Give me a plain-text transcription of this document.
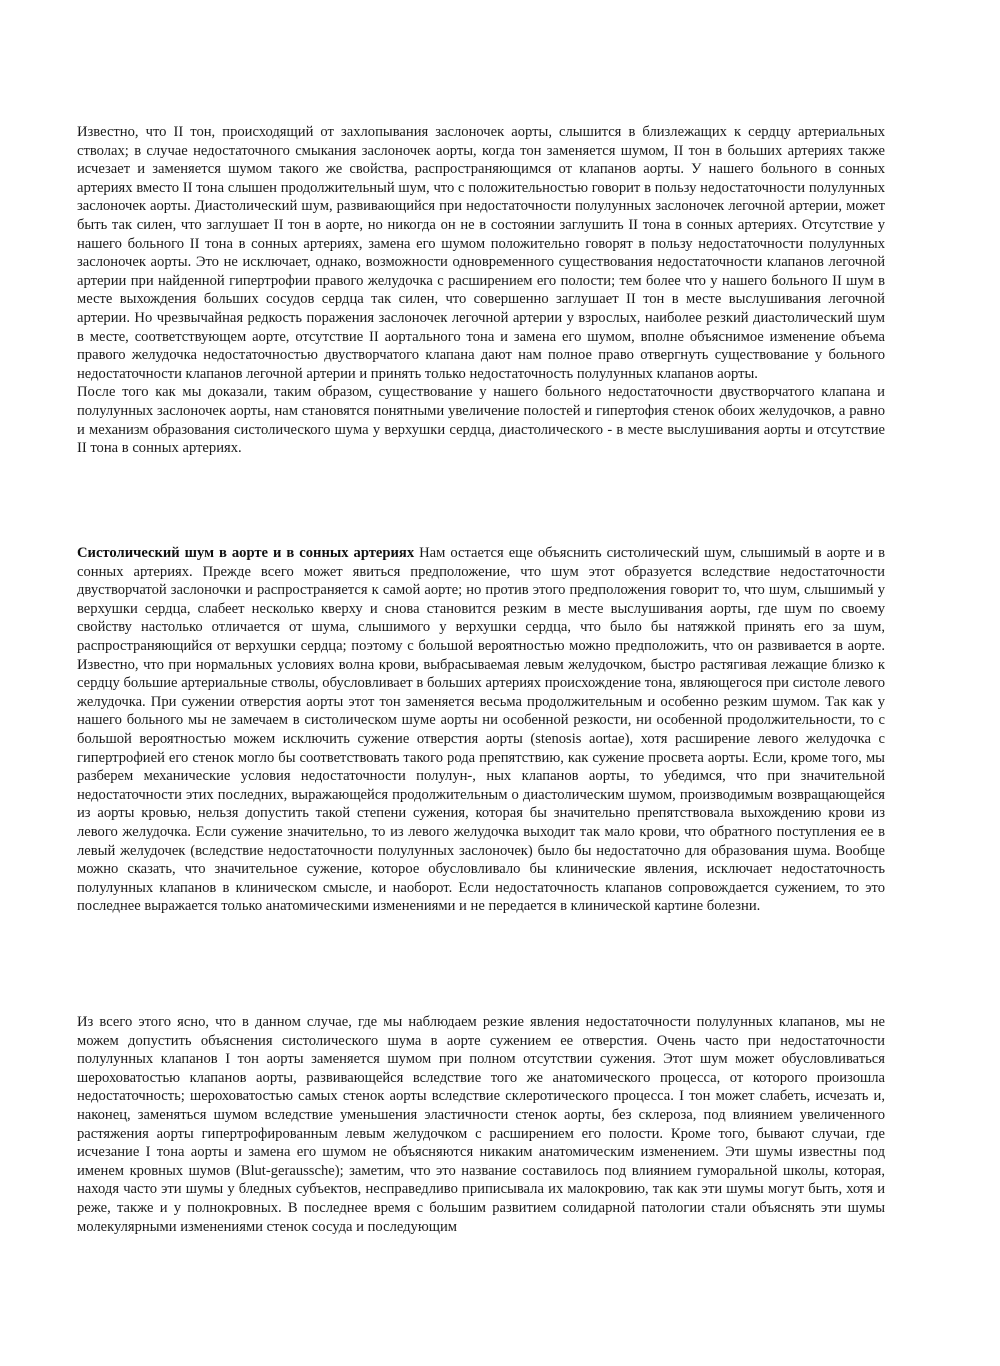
Известно, что II тон, происходящий от захлопывания заслоночек аорты, слышится в близлежащих к сердцу артериальных стволах; в случае недостаточного смыкания заслоночек аорты, когда тон заменяется шумом, II тон в больших артериях также исчезает и заменяется шумом такого же свойства, распространяющимся от клапанов аорты. У нашего больного в сонных артериях вместо II тона слышен продолжительный шум, что с положительностью говорит в пользу недостаточности полулунных заслоночек аорты. Диастолический шум, развивающийся при недостаточности полулунных заслоночек легочной артерии, может быть так силен, что заглушает II тон в аорте, но никогда он не в состоянии заглушить II тона в сонных артериях. Отсутствие у нашего больного II тона в сонных артериях, замена его шумом положительно говорят в пользу недостаточности полулунных заслоночек аорты. Это не исключает, однако, возможности одновременного существования недостаточности клапанов легочной артерии при найденной гипертрофии правого желудочка с расширением его полости; тем более что у нашего больного II шум в месте выхождения больших сосудов сердца так силен, что совершенно заглушает II тон в месте выслушивания легочной артерии. Но чрезвычайная редкость поражения заслоночек легочной артерии у взрослых, наиболее резкий диастолический шум в месте, соответствующем аорте, отсутствие II аортального тона и замена его шумом, вполне объяснимое изменение объема правого желудочка недостаточностью двустворчатого клапана дают нам полное право отвергнуть существование у больного недостаточности клапанов легочной артерии и принять только недостаточность полулунных клапанов аорты.

После того как мы доказали, таким образом, существование у нашего больного недостаточности двустворчатого клапана и полулунных заслоночек аорты, нам становятся понятными увеличение полостей и гипертофия стенок обоих желудочков, а равно и механизм образования систолического шума у верхушки сердца, диастолического - в месте выслушивания аорты и отсутствие II тона в сонных артериях.

Систолический шум в аорте и в сонных артериях Нам остается еще объяснить систолический шум, слышимый в аорте и в сонных артериях. Прежде всего может явиться предположение, что шум этот образуется вследствие недостаточности двустворчатой заслоночки и распространяется к самой аорте; но против этого предположения говорит то, что шум, слышимый у верхушки сердца, слабеет несколько кверху и снова становится резким в месте выслушивания аорты, где шум по своему свойству настолько отличается от шума, слышимого у верхушки сердца, что было бы натяжкой принять его за шум, распространяющийся от верхушки сердца; поэтому с большой вероятностью можно предположить, что он развивается в аорте. Известно, что при нормальных условиях волна крови, выбрасываемая левым желудочком, быстро растягивая лежащие близко к сердцу большие артериальные стволы, обусловливает в больших артериях происхождение тона, являющегося при систоле левого желудочка. При сужении отверстия аорты этот тон заменяется весьма продолжительным и особенно резким шумом. Так как у нашего больного мы не замечаем в систолическом шуме аорты ни особенной резкости, ни особенной продолжительности, то с большой вероятностью можем исключить сужение отверстия аорты (stenosis aortae), хотя расширение левого желудочка с гипертрофией его стенок могло бы соответствовать такого рода препятствию, как сужение просвета аорты. Если, кроме того, мы разберем механические условия недостаточности полулун-, ных клапанов аорты, то убедимся, что при значительной недостаточности этих последних, выражающейся продолжительным о диастолическим шумом, производимым возвращающейся из аорты кровью, нельзя допустить такой степени сужения, которая бы значительно препятствовала выхождению крови из левого желудочка. Если сужение значительно, то из левого желудочка выходит так мало крови, что обратного поступления ее в левый желудочек (вследствие недостаточности полулунных заслоночек) было бы недостаточно для образования шума. Вообще можно сказать, что значительное сужение, которое обусловливало бы клинические явления, исключает недостаточность полулунных клапанов в клиническом смысле, и наоборот. Если недостаточность клапанов сопровождается сужением, то это последнее выражается только анатомическими изменениями и не передается в клинической картине болезни.

Из всего этого ясно, что в данном случае, где мы наблюдаем резкие явления недостаточности полулунных клапанов, мы не можем допустить объяснения систолического шума в аорте сужением ее отверстия. Очень часто при недостаточности полулунных клапанов I тон аорты заменяется шумом при полном отсутствии сужения. Этот шум может обусловливаться шероховатостью клапанов аорты, развивающейся вследствие того же анатомического процесса, от которого произошла недостаточность; шероховатостью самых стенок аорты вследствие склеротического процесса. I тон может слабеть, исчезать и, наконец, заменяться шумом вследствие уменьшения эластичности стенок аорты, без склероза, под влиянием увеличенного растяжения аорты гипертрофированным левым желудочком с расширением его полости. Кроме того, бывают случаи, где исчезание I тона аорты и замена его шумом не объясняются никаким анатомическим изменением. Эти шумы известны под именем кровных шумов (Blut-geraussche); заметим, что это название составилось под влиянием гуморальной школы, которая, находя часто эти шумы у бледных субъектов, несправедливо приписывала их малокровию, так как эти шумы могут быть, хотя и реже, также и у полнокровных. В последнее время с большим развитием солидарной патологии стали объяснять эти шумы молекулярными изменениями стенок сосуда и последующим
